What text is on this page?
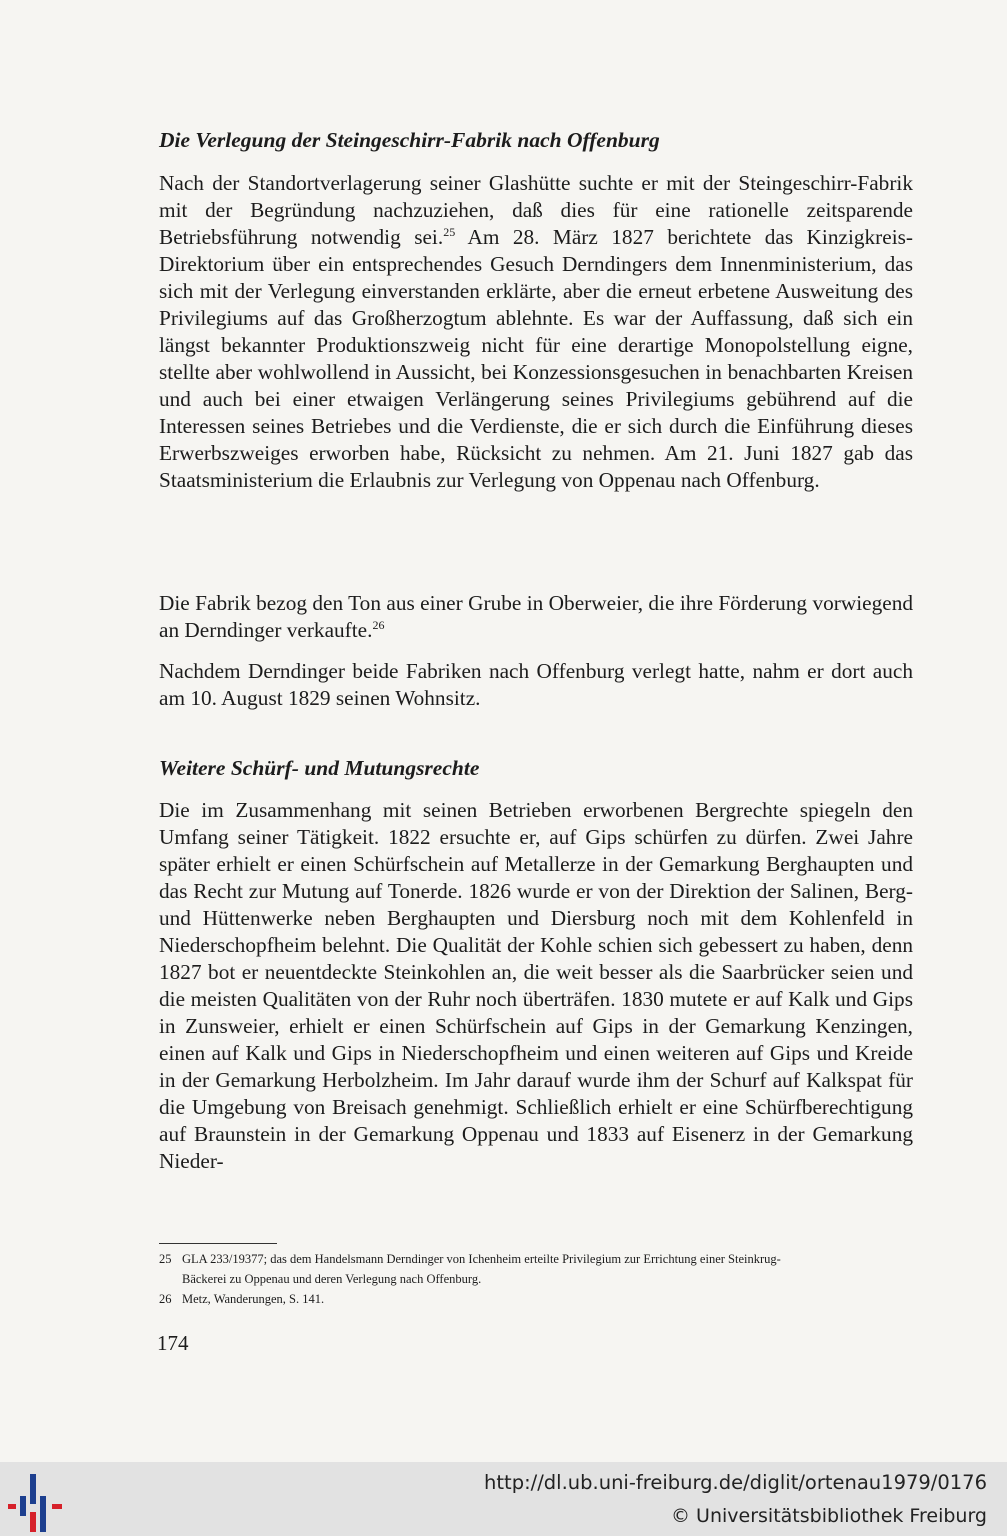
Die Verlegung der Steingeschirr-Fabrik nach Offenburg

Nach der Standortverlagerung seiner Glashütte suchte er mit der Steingeschirr-Fabrik mit der Begründung nachzuziehen, daß dies für eine rationelle zeitsparende Betriebsführung notwendig sei.$^{25}$ Am 28. März 1827 berichtete das Kinzigkreis-Direktorium über ein entsprechendes Gesuch Derndingers dem Innenministerium, das sich mit der Verlegung einverstanden erklärte, aber die erneut erbetene Ausweitung des Privilegiums auf das Großherzogtum ablehnte. Es war der Auffassung, daß sich ein längst bekannter Produktionszweig nicht für eine derartige Monopolstellung eigne, stellte aber wohlwollend in Aussicht, bei Konzessionsgesuchen in benachbarten Kreisen und auch bei einer etwaigen Verlängerung seines Privilegiums gebührend auf die Interessen seines Betriebes und die Verdienste, die er sich durch die Einführung dieses Erwerbszweiges erworben habe, Rücksicht zu nehmen. Am 21. Juni 1827 gab das Staatsministerium die Erlaubnis zur Verlegung von Oppenau nach Offenburg.

Die Fabrik bezog den Ton aus einer Grube in Oberweier, die ihre Förderung vorwiegend an Derndinger verkaufte.$^{26}$

Nachdem Derndinger beide Fabriken nach Offenburg verlegt hatte, nahm er dort auch am 10. August 1829 seinen Wohnsitz.

Weitere Schürf- und Mutungsrechte

Die im Zusammenhang mit seinen Betrieben erworbenen Bergrechte spiegeln den Umfang seiner Tätigkeit. 1822 ersuchte er, auf Gips schürfen zu dürfen. Zwei Jahre später erhielt er einen Schürfschein auf Metallerze in der Gemarkung Berghaupten und das Recht zur Mutung auf Tonerde. 1826 wurde er von der Direktion der Salinen, Berg- und Hüttenwerke neben Berghaupten und Diersburg noch mit dem Kohlenfeld in Niederschopfheim belehnt. Die Qualität der Kohle schien sich gebessert zu haben, denn 1827 bot er neuentdeckte Steinkohlen an, die weit besser als die Saarbrücker seien und die meisten Qualitäten von der Ruhr noch überträfen. 1830 mutete er auf Kalk und Gips in Zunsweier, erhielt er einen Schürfschein auf Gips in der Gemarkung Kenzingen, einen auf Kalk und Gips in Niederschopfheim und einen weiteren auf Gips und Kreide in der Gemarkung Herbolzheim. Im Jahr darauf wurde ihm der Schurf auf Kalkspat für die Umgebung von Breisach genehmigt. Schließlich erhielt er eine Schürfberechtigung auf Braunstein in der Gemarkung Oppenau und 1833 auf Eisenerz in der Gemarkung Nieder-

25 GLA 233/19377; das dem Handelsmann Derndinger von Ichenheim erteilte Privilegium zur Errichtung einer Steinkrug-
Bäckerei zu Oppenau und deren Verlegung nach Offenburg.

26 Metz, Wanderungen, S. 141.

174

http://dl.ub.uni-freiburg.de/diglit/ortenau1979/0176

© Universitätsbibliothek Freiburg
